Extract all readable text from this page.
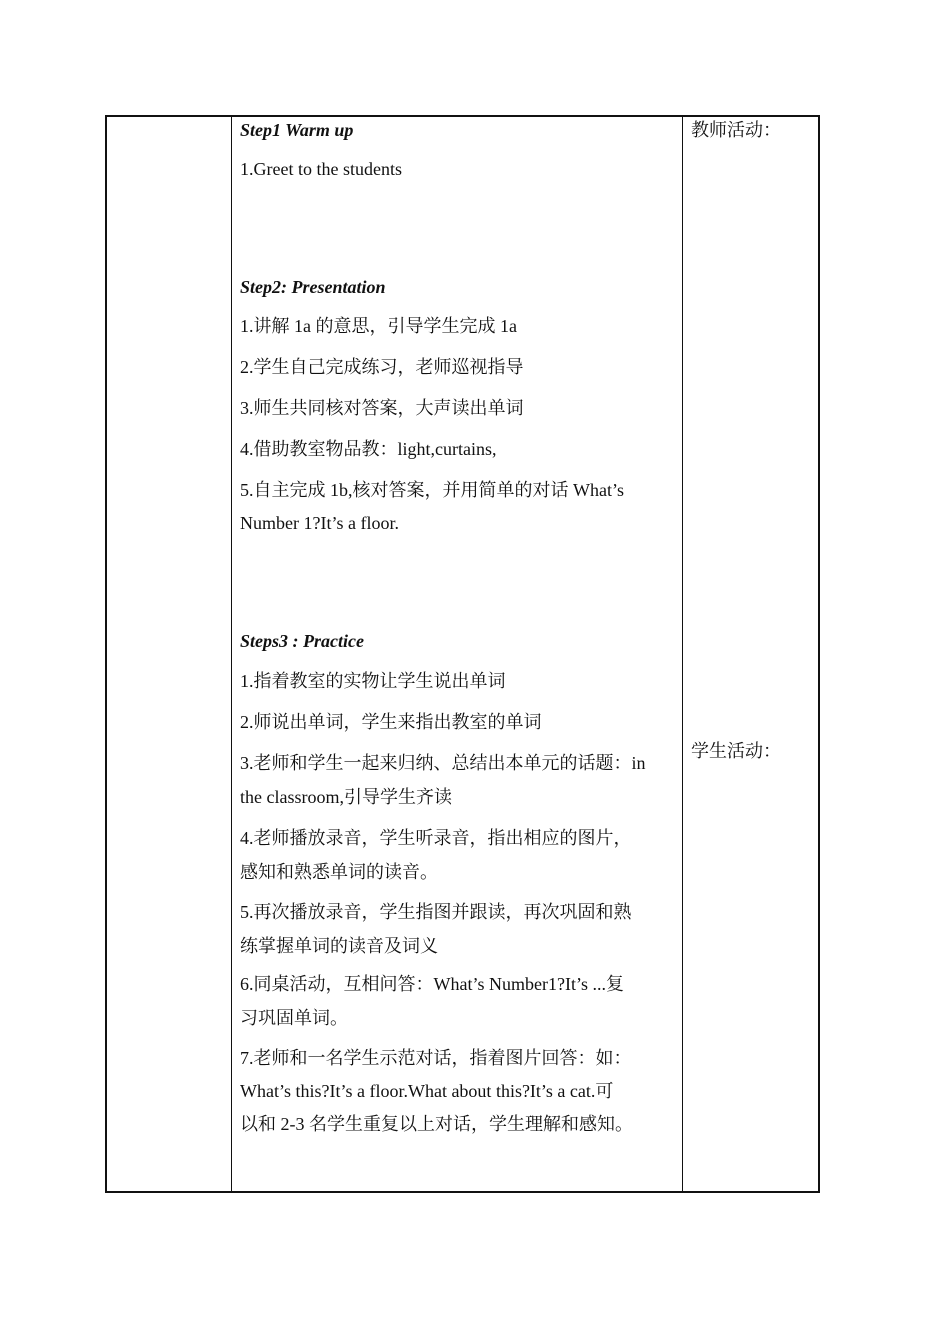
Step1 Warm up
1.Greet to the students
Step2: Presentation
1.讲解 1a 的意思，引导学生完成 1a
2.学生自己完成练习，老师巡视指导
3.师生共同核对答案，大声读出单词
4.借助教室物品教：light,curtains,
5.自主完成 1b,核对答案，并用简单的对话 What’s
Number 1?It’s a floor.
Steps3 : Practice
1.指着教室的实物让学生说出单词
2.师说出单词，学生来指出教室的单词
3.老师和学生一起来归纳、总结出本单元的话题：in
the classroom,引导学生齐读
4.老师播放录音，学生听录音，指出相应的图片，
感知和熟悉单词的读音。
5.再次播放录音，学生指图并跟读，再次巩固和熟
练掌握单词的读音及词义
6.同桌活动，互相问答：What’s Number1?It’s ...复
习巩固单词。
7.老师和一名学生示范对话，指着图片回答：如：
What’s this?It’s a floor.What about this?It’s a cat.可
以和 2-3 名学生重复以上对话，学生理解和感知。
教师活动：
学生活动：
